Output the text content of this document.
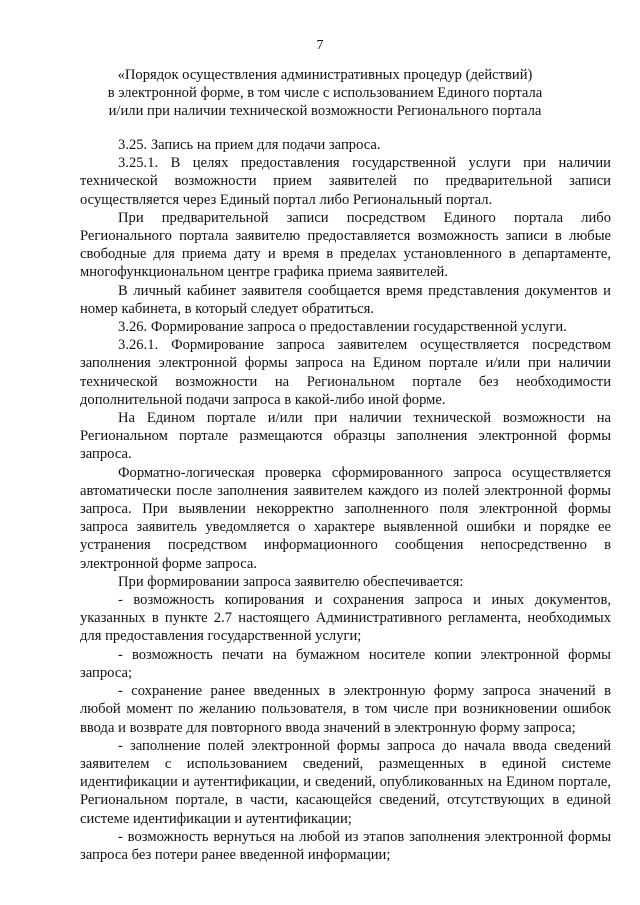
7
«Порядок осуществления административных процедур (действий)
в электронной форме, в том числе с использованием Единого портала
и/или при наличии технической возможности Регионального портала

3.25. Запись на прием для подачи запроса.

3.25.1. В целях предоставления государственной услуги при наличии технической возможности прием заявителей по предварительной записи осуществляется через Единый портал либо Региональный портал.

При предварительной записи посредством Единого портала либо Регионального портала заявителю предоставляется возможность записи в любые свободные для приема дату и время в пределах установленного в департаменте, многофункциональном центре графика приема заявителей.

В личный кабинет заявителя сообщается время представления документов и номер кабинета, в который следует обратиться.

3.26. Формирование запроса о предоставлении государственной услуги.

3.26.1. Формирование запроса заявителем осуществляется посредством заполнения электронной формы запроса на Едином портале и/или при наличии технической возможности на Региональном портале без необходимости дополнительной подачи запроса в какой-либо иной форме.

На Едином портале и/или при наличии технической возможности на Региональном портале размещаются образцы заполнения электронной формы запроса.

Форматно-логическая проверка сформированного запроса осуществляется автоматически после заполнения заявителем каждого из полей электронной формы запроса. При выявлении некорректно заполненного поля электронной формы запроса заявитель уведомляется о характере выявленной ошибки и порядке ее устранения посредством информационного сообщения непосредственно в электронной форме запроса.

При формировании запроса заявителю обеспечивается:

- возможность копирования и сохранения запроса и иных документов, указанных в пункте 2.7 настоящего Административного регламента, необходимых для предоставления государственной услуги;

- возможность печати на бумажном носителе копии электронной формы запроса;

- сохранение ранее введенных в электронную форму запроса значений в любой момент по желанию пользователя, в том числе при возникновении ошибок ввода и возврате для повторного ввода значений в электронную форму запроса;

- заполнение полей электронной формы запроса до начала ввода сведений заявителем с использованием сведений, размещенных в единой системе идентификации и аутентификации, и сведений, опубликованных на Едином портале, Региональном портале, в части, касающейся сведений, отсутствующих в единой системе идентификации и аутентификации;

- возможность вернуться на любой из этапов заполнения электронной формы запроса без потери ранее введенной информации;
